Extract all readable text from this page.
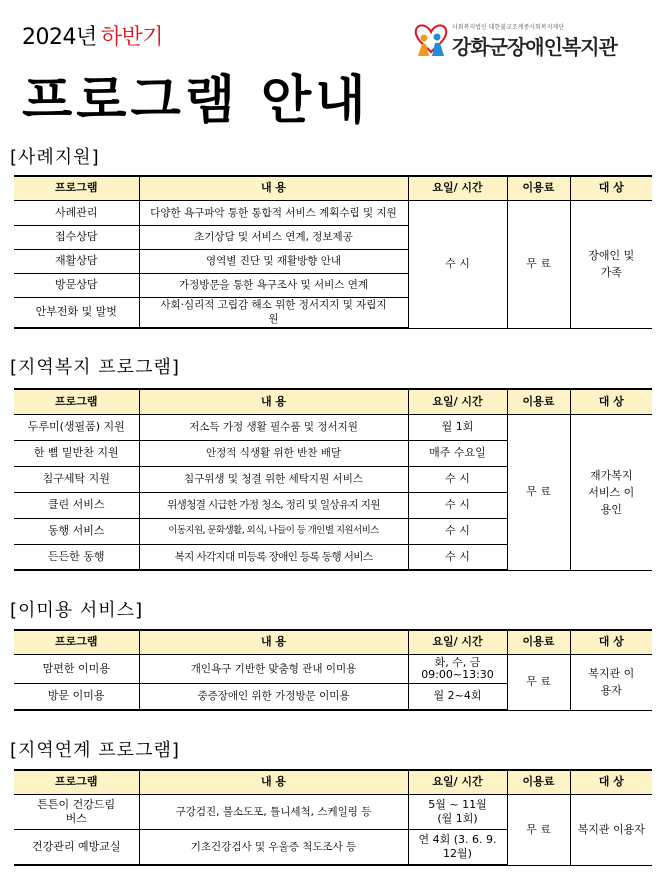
2024년 하반기	사회복지법인 대한불교조계종사회복지재단
강화군장애인복지관
프로그램 안내
[사례지원]
프로그램	내 용	요일/ 시간	이용료	대 상
사례관리	다양한 욕구파악 통한 통합적 서비스 계획수립 및 지원	수 시	무 료	장애인 및 가족

접수상담	초기상담 및 서비스 연계, 정보제공			
재활상담	영역별 진단 및 재활방향 안내			
방문상담	가정방문을 통한 욕구조사 및 서비스 연계			
안부전화 및 말벗	사회·심리적 고립감 해소 위한 정서지지 및 자립지원			
[지역복지 프로그램]
프로그램	내 용	요일/ 시간	이용료	대 상
두루미(생필품) 지원	저소득 가정 생활 필수품 및 정서지원	월 1회	무 료	재가복지 서비스 이용인

한 뼘 밑반찬 지원	안정적 식생활 위한 반찬 배달	매주 수요일		
침구세탁 지원	침구위생 및 청결 위한 세탁지원 서비스	수 시		
클린 서비스	위생청결 시급한 가정 청소, 정리 및 일상유지 지원	수 시		
동행 서비스	이동지원, 문화생활, 외식, 나들이 등 개인별 지원서비스	수 시		
든든한 동행	복지 사각지대 미등록 장애인 등록 동행 서비스	수 시		
[이미용 서비스]
프로그램	내 용	요일/ 시간	이용료	대 상
맘편한 이미용	개인욕구 기반한 맞춤형 관내 이미용	화, 수, 금 09:00~13:30	무 료	복지관 이용자

방문 이미용	중증장애인 위한 가정방문 이미용	월 2~4회		
[지역연계 프로그램]
프로그램	내 용	요일/ 시간	이용료	대 상

튼튼이 건강드림버스	구강검진, 불소도포, 틀니세척, 스케일링 등	5월 ~ 11월 (월 1회)	무 료	복지관 이용자
건강관리 예방교실	기초건강검사 및 우울증 척도조사 등	연 4회 (3. 6. 9. 12월)		
